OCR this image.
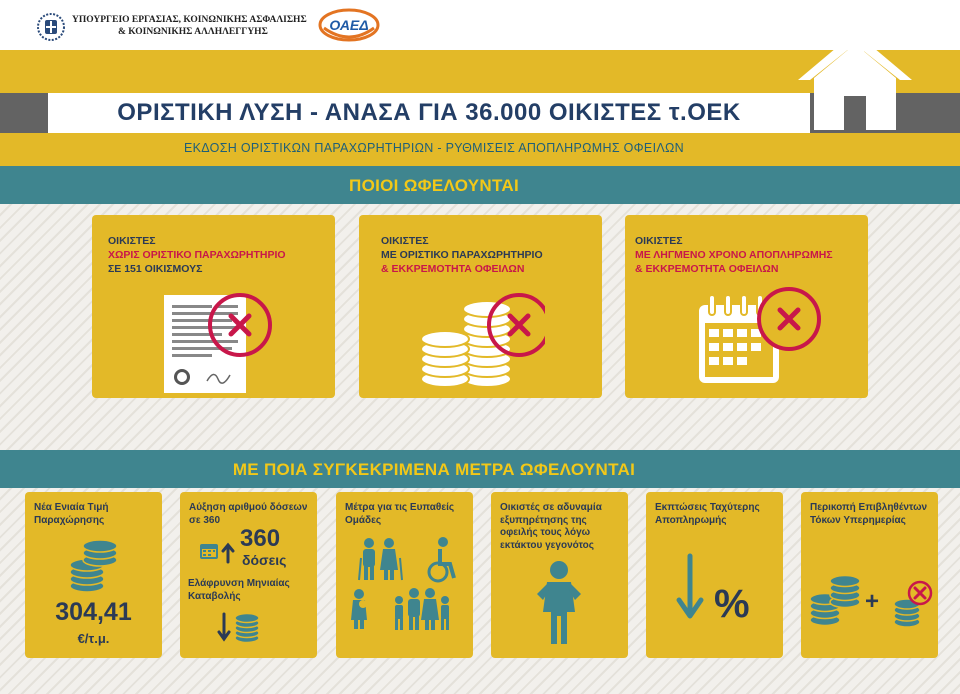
ΥΠΟΥΡΓΕΙΟ ΕΡΓΑΣΙΑΣ, ΚΟΙΝΩΝΙΚΗΣ ΑΣΦΑΛΙΣΗΣ
& ΚΟΙΝΩΝΙΚΗΣ ΑΛΛΗΛΕΓΓΥΗΣ	ΟΑΕΔ
ΟΡΙΣΤΙΚΗ ΛΥΣΗ - ΑΝΑΣΑ ΓΙΑ 36.000 ΟΙΚΙΣΤΕΣ τ.ΟΕΚ
ΕΚΔΟΣΗ ΟΡΙΣΤΙΚΩΝ ΠΑΡΑΧΩΡΗΤΗΡΙΩΝ - ΡΥΘΜΙΣΕΙΣ ΑΠΟΠΛΗΡΩΜΗΣ ΟΦΕΙΛΩΝ
ΠΟΙΟΙ ΩΦΕΛΟΥΝΤΑΙ
ΟΙΚΙΣΤΕΣ
ΧΩΡΙΣ ΟΡΙΣΤΙΚΟ ΠΑΡΑΧΩΡΗΤΗΡΙΟ
ΣΕ 151 ΟΙΚΙΣΜΟΥΣ
ΟΙΚΙΣΤΕΣ
ΜΕ ΟΡΙΣΤΙΚΟ ΠΑΡΑΧΩΡΗΤΗΡΙΟ
& ΕΚΚΡΕΜΟΤΗΤΑ ΟΦΕΙΛΩΝ
ΟΙΚΙΣΤΕΣ
ΜΕ ΛΗΓΜΕΝΟ ΧΡΟΝΟ ΑΠΟΠΛΗΡΩΜΗΣ
& ΕΚΚΡΕΜΟΤΗΤΑ ΟΦΕΙΛΩΝ
ΜΕ ΠΟΙΑ ΣΥΓΚΕΚΡΙΜΕΝΑ ΜΕΤΡΑ ΩΦΕΛΟΥΝΤΑΙ
Νέα Ενιαία Τιμή Παραχώρησης
304,41
€/τ.μ.
Αύξηση αριθμού δόσεων σε 360
360
δόσεις
Ελάφρυνση Μηνιαίας Καταβολής
Μέτρα για τις Ευπαθείς Ομάδες
Οικιστές σε αδυναμία εξυπηρέτησης της οφειλής τους λόγω εκτάκτου γεγονότος
Εκπτώσεις Ταχύτερης Αποπληρωμής
%
Περικοπή Επιβληθέντων Τόκων Υπερημερίας
+
